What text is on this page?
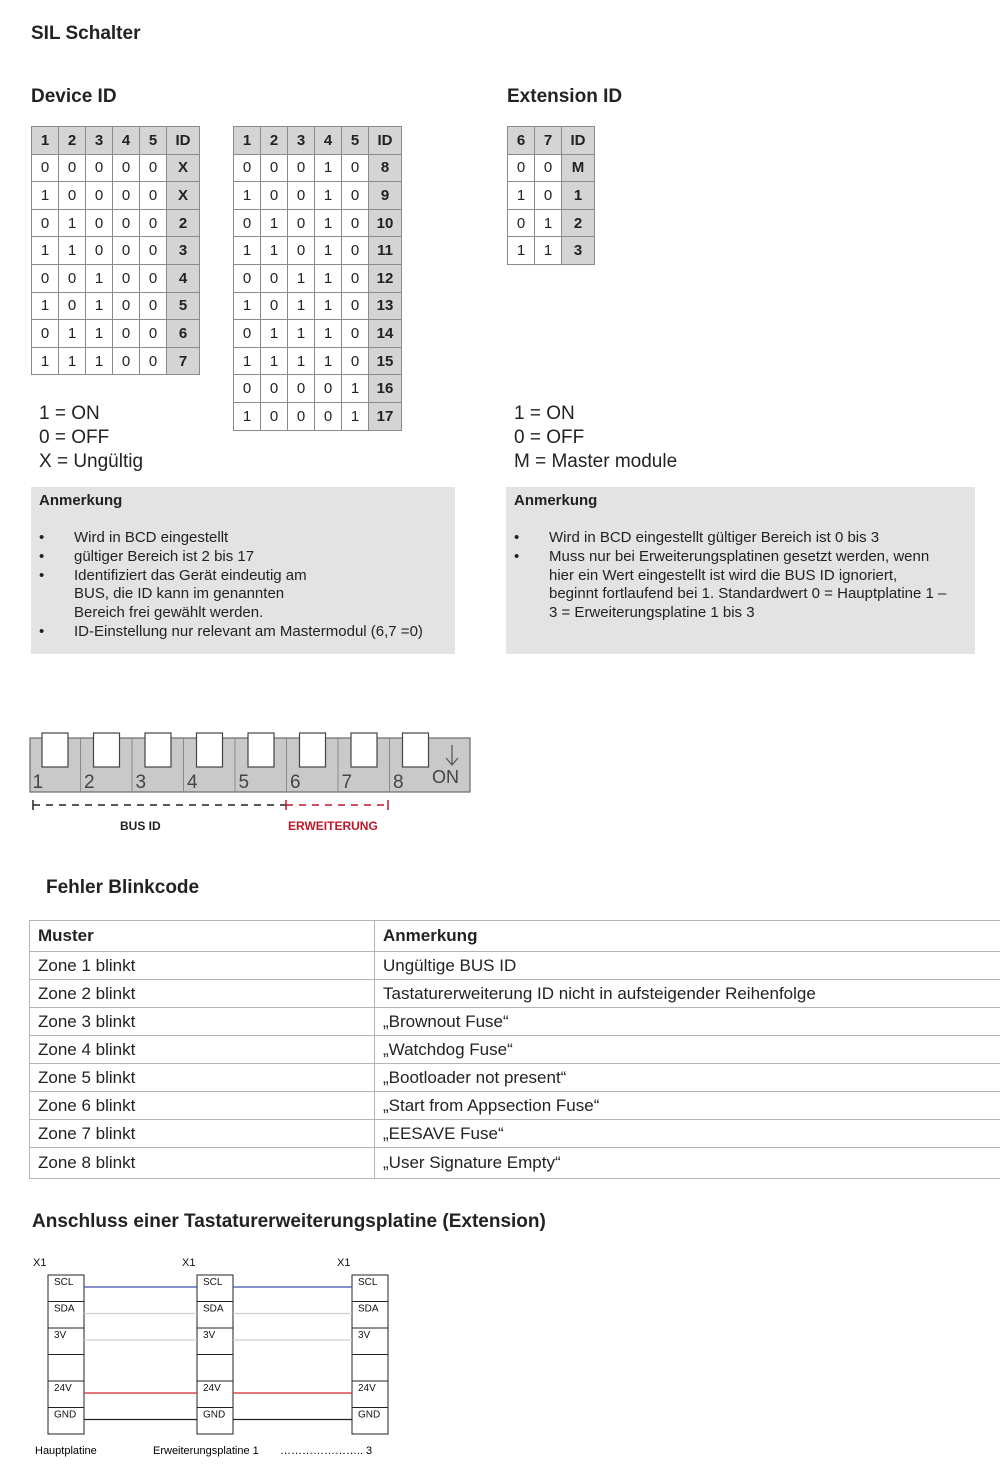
SIL Schalter
Device ID	Extension ID
1	2	3	4	5	ID
0	0	0	0	0	X
1	0	0	0	0	X
0	1	0	0	0	2
1	1	0	0	0	3
0	0	1	0	0	4
1	0	1	0	0	5
0	1	1	0	0	6
1	1	1	0	0	7
1	2	3	4	5	ID
0	0	0	1	0	8
1	0	0	1	0	9
0	1	0	1	0	10
1	1	0	1	0	11
0	0	1	1	0	12
1	0	1	1	0	13
0	1	1	1	0	14
1	1	1	1	0	15
0	0	0	0	1	16
1	0	0	0	1	17
6	7	ID
0	0	M
1	0	1
0	1	2
1	1	3
1 = ON
0 = OFF
X = Ungültig
1 = ON
0 = OFF
M = Master module
Anmerkung
• Wird in BCD eingestellt
• gültiger Bereich ist 2 bis 17
• Identifiziert das Gerät eindeutig am BUS, die ID kann im genannten Bereich frei gewählt werden.
• ID-Einstellung nur relevant am Mastermodul (6,7 =0)
Anmerkung
• Wird in BCD eingestellt gültiger Bereich ist 0 bis 3
• Muss nur bei Erweiterungsplatinen gesetzt werden, wenn hier ein Wert eingestellt ist wird die BUS ID ignoriert, beginnt fortlaufend bei 1. Standardwert 0 = Hauptplatine 1 – 3 = Erweiterungsplatine 1 bis 3
1 2 3 4 5 6 7 8 ON
BUS ID	ERWEITERUNG
Fehler Blinkcode
Muster	Anmerkung
Zone 1 blinkt	Ungültige BUS ID
Zone 2 blinkt	Tastaturerweiterung ID nicht in aufsteigender Reihenfolge
Zone 3 blinkt	„Brownout Fuse“
Zone 4 blinkt	„Watchdog Fuse“
Zone 5 blinkt	„Bootloader not present“
Zone 6 blinkt	„Start from Appsection Fuse“
Zone 7 blinkt	„EESAVE Fuse“
Zone 8 blinkt	„User Signature Empty“
Anschluss einer Tastaturerweiterungsplatine (Extension)
X1
SCL
SDA
3V
24V
GND
X1
SCL
SDA
3V
24V
GND
X1
SCL
SDA
3V
24V
GND
Hauptplatine	Erweiterungsplatine 1 ………………….. 3
